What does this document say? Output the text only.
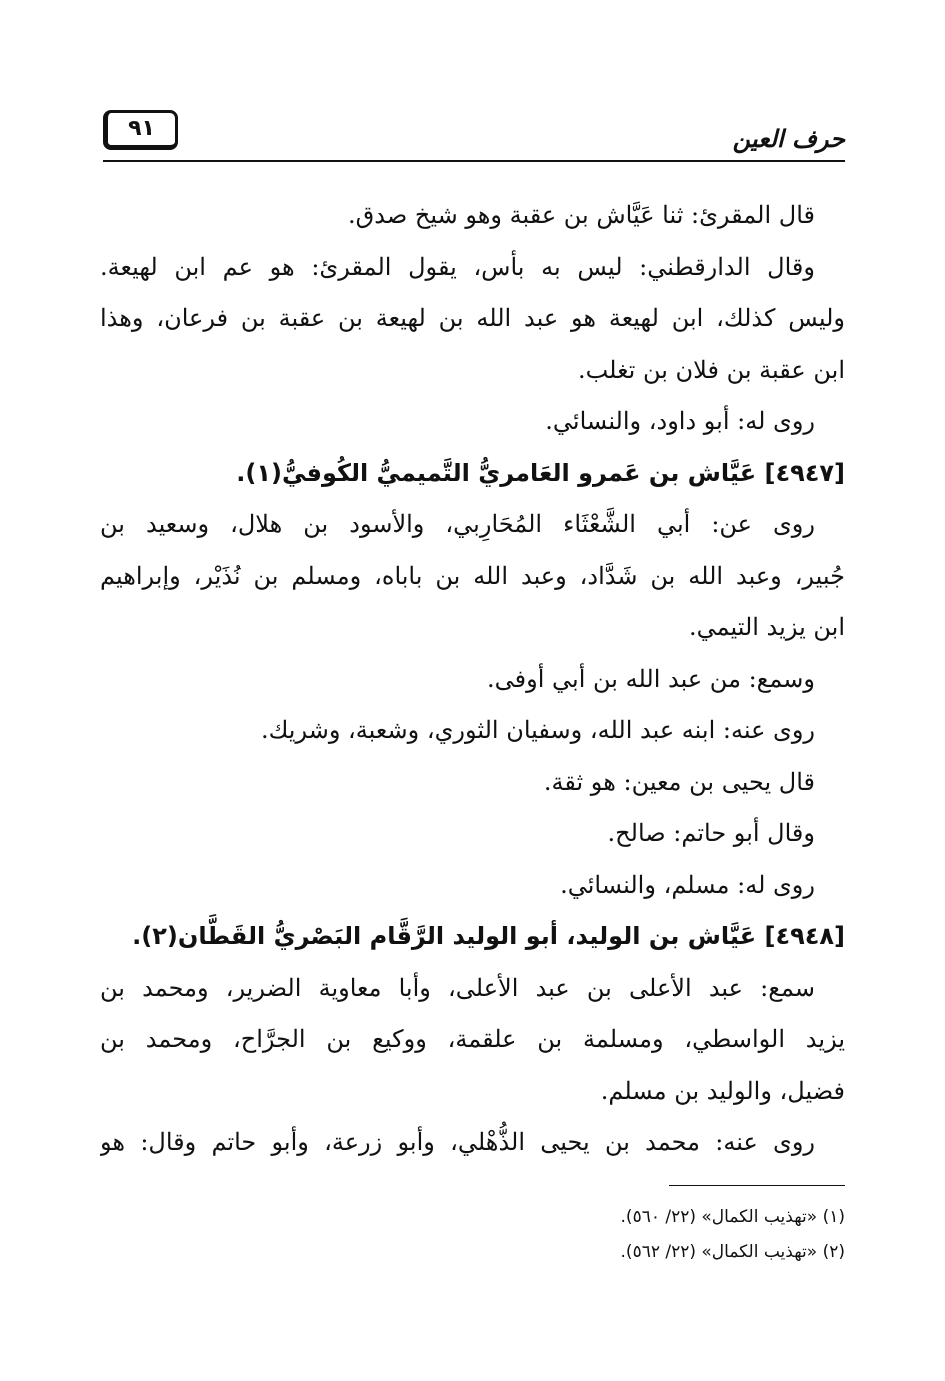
حرف العين
٩١
قال المقرئ: ثنا عَيَّاش بن عقبة وهو شيخ صدق.
وقال الدارقطني: ليس به بأس، يقول المقرئ: هو عم ابن لهيعة.
وليس كذلك، ابن لهيعة هو عبد الله بن لهيعة بن عقبة بن فرعان، وهذا
ابن عقبة بن فلان بن تغلب.
روى له: أبو داود، والنسائي.
[٤٩٤٧] عَيَّاش بن عَمرو العَامريُّ التَّميميُّ الكُوفيُّ(١).
روى عن: أبي الشَّعْثَاء المُحَارِبي، والأسود بن هلال، وسعيد بن
جُبير، وعبد الله بن شَدَّاد، وعبد الله بن باباه، ومسلم بن نُذَيْر، وإبراهيم
ابن يزيد التيمي.
وسمع: من عبد الله بن أبي أوفى.
روى عنه: ابنه عبد الله، وسفيان الثوري، وشعبة، وشريك.
قال يحيى بن معين: هو ثقة.
وقال أبو حاتم: صالح.
روى له: مسلم، والنسائي.
[٤٩٤٨] عَيَّاش بن الوليد، أبو الوليد الرَّقَّام البَصْريُّ القَطَّان(٢).
سمع: عبد الأعلى بن عبد الأعلى، وأبا معاوية الضرير، ومحمد بن
يزيد الواسطي، ومسلمة بن علقمة، ووكيع بن الجرَّاح، ومحمد بن
فضيل، والوليد بن مسلم.
روى عنه: محمد بن يحيى الذُّهْلي، وأبو زرعة، وأبو حاتم وقال: هو
(١) «تهذيب الكمال» (٢٢/ ٥٦٠).
(٢) «تهذيب الكمال» (٢٢/ ٥٦٢).
